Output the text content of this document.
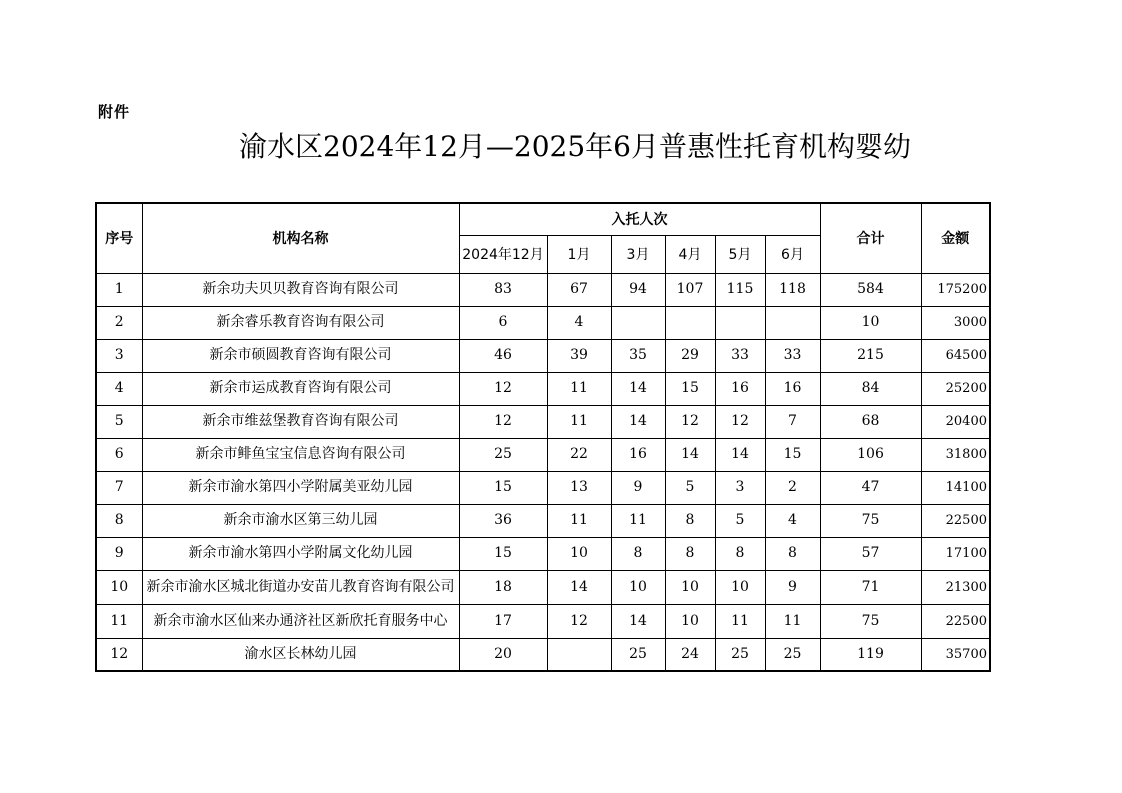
附件
渝水区2024年12月—2025年6月普惠性托育机构婴幼
序号	机构名称	入托人次						合计	金额
		2024年12月	1月	3月	4月	5月	6月		
1	新余功夫贝贝教育咨询有限公司	83	67	94	107	115	118	584	175200
2	新余睿乐教育咨询有限公司	6	4					10	3000
3	新余市硕圆教育咨询有限公司	46	39	35	29	33	33	215	64500
4	新余市运成教育咨询有限公司	12	11	14	15	16	16	84	25200
5	新余市维兹堡教育咨询有限公司	12	11	14	12	12	7	68	20400
6	新余市鲱鱼宝宝信息咨询有限公司	25	22	16	14	14	15	106	31800
7	新余市渝水第四小学附属美亚幼儿园	15	13	9	5	3	2	47	14100
8	新余市渝水区第三幼儿园	36	11	11	8	5	4	75	22500
9	新余市渝水第四小学附属文化幼儿园	15	10	8	8	8	8	57	17100
10	新余市渝水区城北街道办安苗儿教育咨询有限公司	18	14	10	10	10	9	71	21300
11	新余市渝水区仙来办通济社区新欣托育服务中心	17	12	14	10	11	11	75	22500
12	渝水区长林幼儿园	20		25	24	25	25	119	35700
